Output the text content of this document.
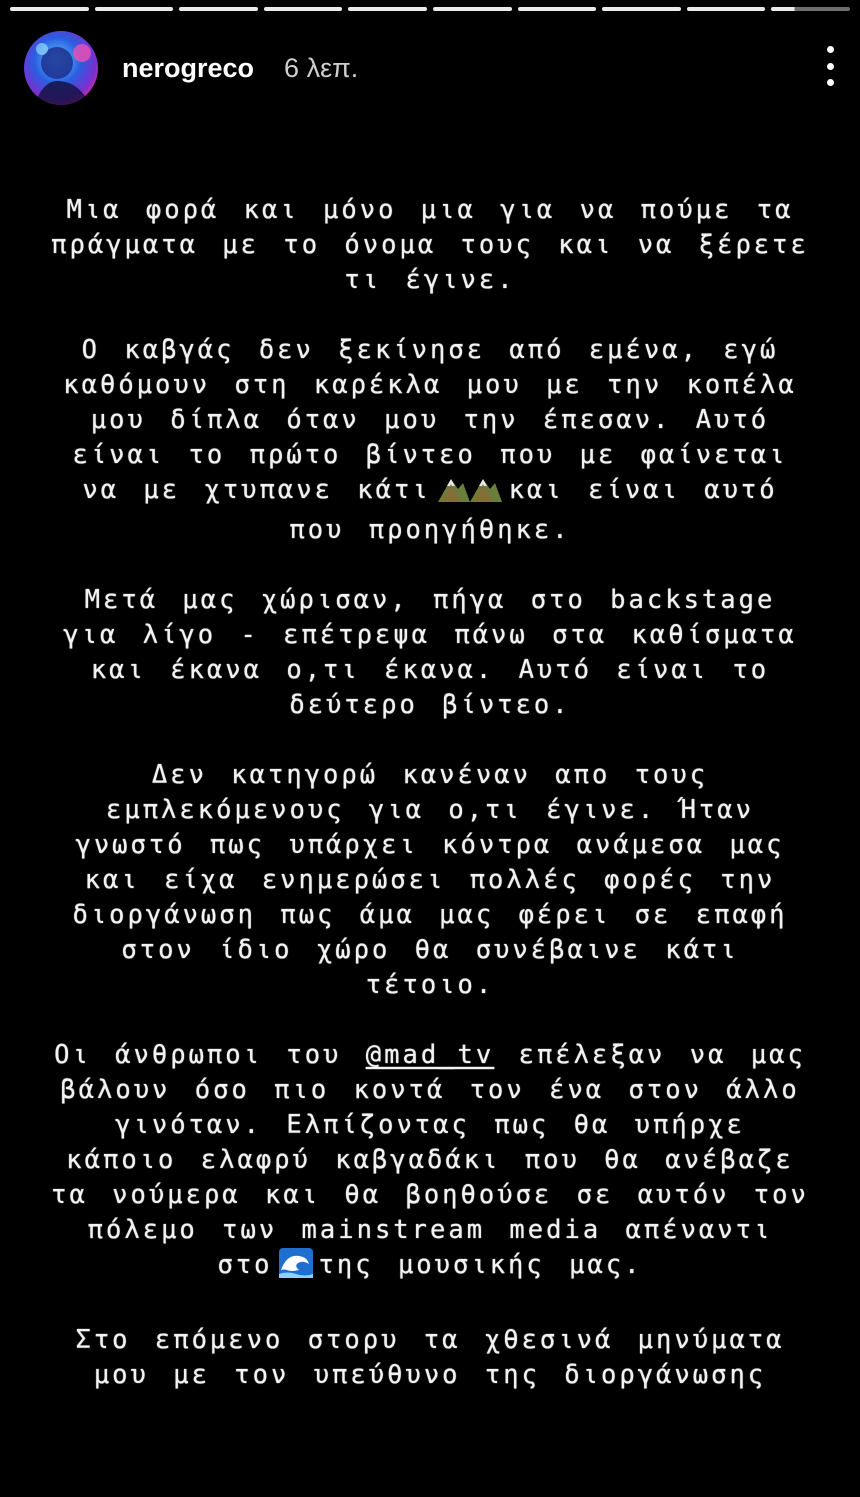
nerogreco 6 λεπ.
Μια φορά και μόνο μια για να πούμε τα
πράγματα με το όνομα τους και να ξέρετε
τι έγινε.
Ο καβγάς δεν ξεκίνησε από εμένα, εγώ
καθόμουν στη καρέκλα μου με την κοπέλα
μου δίπλα όταν μου την έπεσαν. Αυτό
είναι το πρώτο βίντεο που με φαίνεται
να με χτυπανε κάτι	και είναι αυτό
που προηγήθηκε.
Μετά μας χώρισαν, πήγα στο backstage
για λίγο - επέτρεψα πάνω στα καθίσματα
και έκανα ο,τι έκανα. Αυτό είναι το
δεύτερο βίντεο.
Δεν κατηγορώ κανέναν απο τους
εμπλεκόμενους για ο,τι έγινε. Ήταν
γνωστό πως υπάρχει κόντρα ανάμεσα μας
και είχα ενημερώσει πολλές φορές την
διοργάνωση πως άμα μας φέρει σε επαφή
στον ίδιο χώρο θα συνέβαινε κάτι
τέτοιο.
Οι άνθρωποι του @mad_tv επέλεξαν να μας
βάλουν όσο πιο κοντά τον ένα στον άλλο
γινόταν. Ελπίζοντας πως θα υπήρχε
κάποιο ελαφρύ καβγαδάκι που θα ανέβαζε
τα νούμερα και θα βοηθούσε σε αυτόν τον
πόλεμο των mainstream media απέναντι
στο της μουσικής μας.
Στο επόμενο στορυ τα χθεσινά μηνύματα
μου με τον υπεύθυνο της διοργάνωσης
